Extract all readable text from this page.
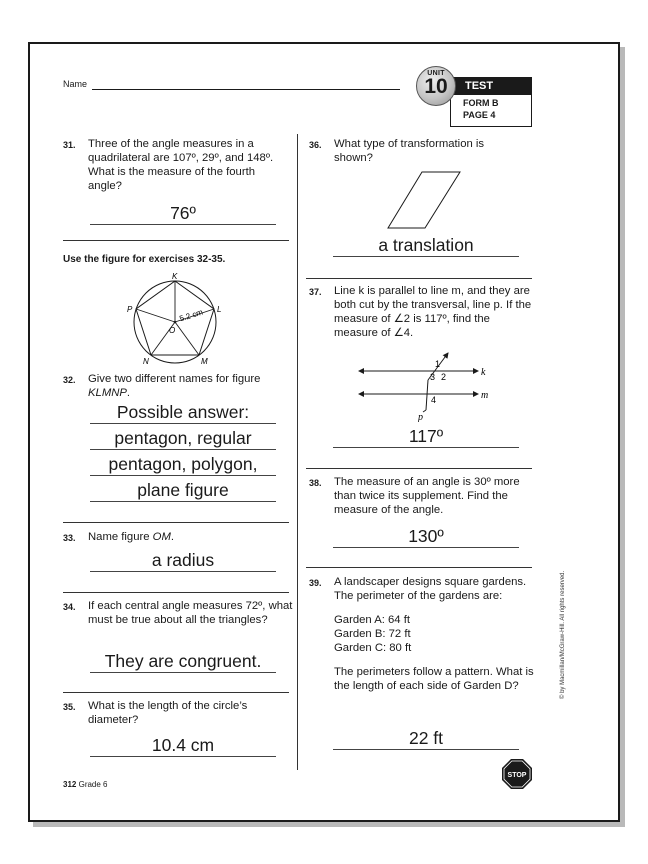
Name	TEST
FORM B
PAGE 4
UNIT
10
31.	Three of the angle measures in a quadrilateral are 107º, 29º, and 148º. What is the measure of the fourth angle?
76º
Use the figure for exercises 32-35.
K
L
M
N
P
O
5.2 cm
32.	Give two different names for figure KLMNP.
Possible answer:
pentagon, regular
pentagon, polygon,
plane figure
33.	Name figure OM.
a radius
34.	If each central angle measures 72º, what must be true about all the triangles?
They are congruent.
35.	What is the length of the circle’s diameter?
10.4 cm
36.	What type of transformation is shown?
a translation
37.	Line k is parallel to line m, and they are both cut by the transversal, line p. If the measure of ∠2 is 117º, find the measure of ∠4.
1
2
3
4
k
m
p
117º
38.	The measure of an angle is 30º more than twice its supplement. Find the measure of the angle.
130º
39.	A landscaper designs square gardens. The perimeter of the gardens are:
Garden A: 64 ft
Garden B: 72 ft
Garden C: 80 ft
The perimeters follow a pattern. What is the length of each side of Garden D?
22 ft
© by Macmillan/McGraw-Hill. All rights reserved.
312 Grade 6
STOP
